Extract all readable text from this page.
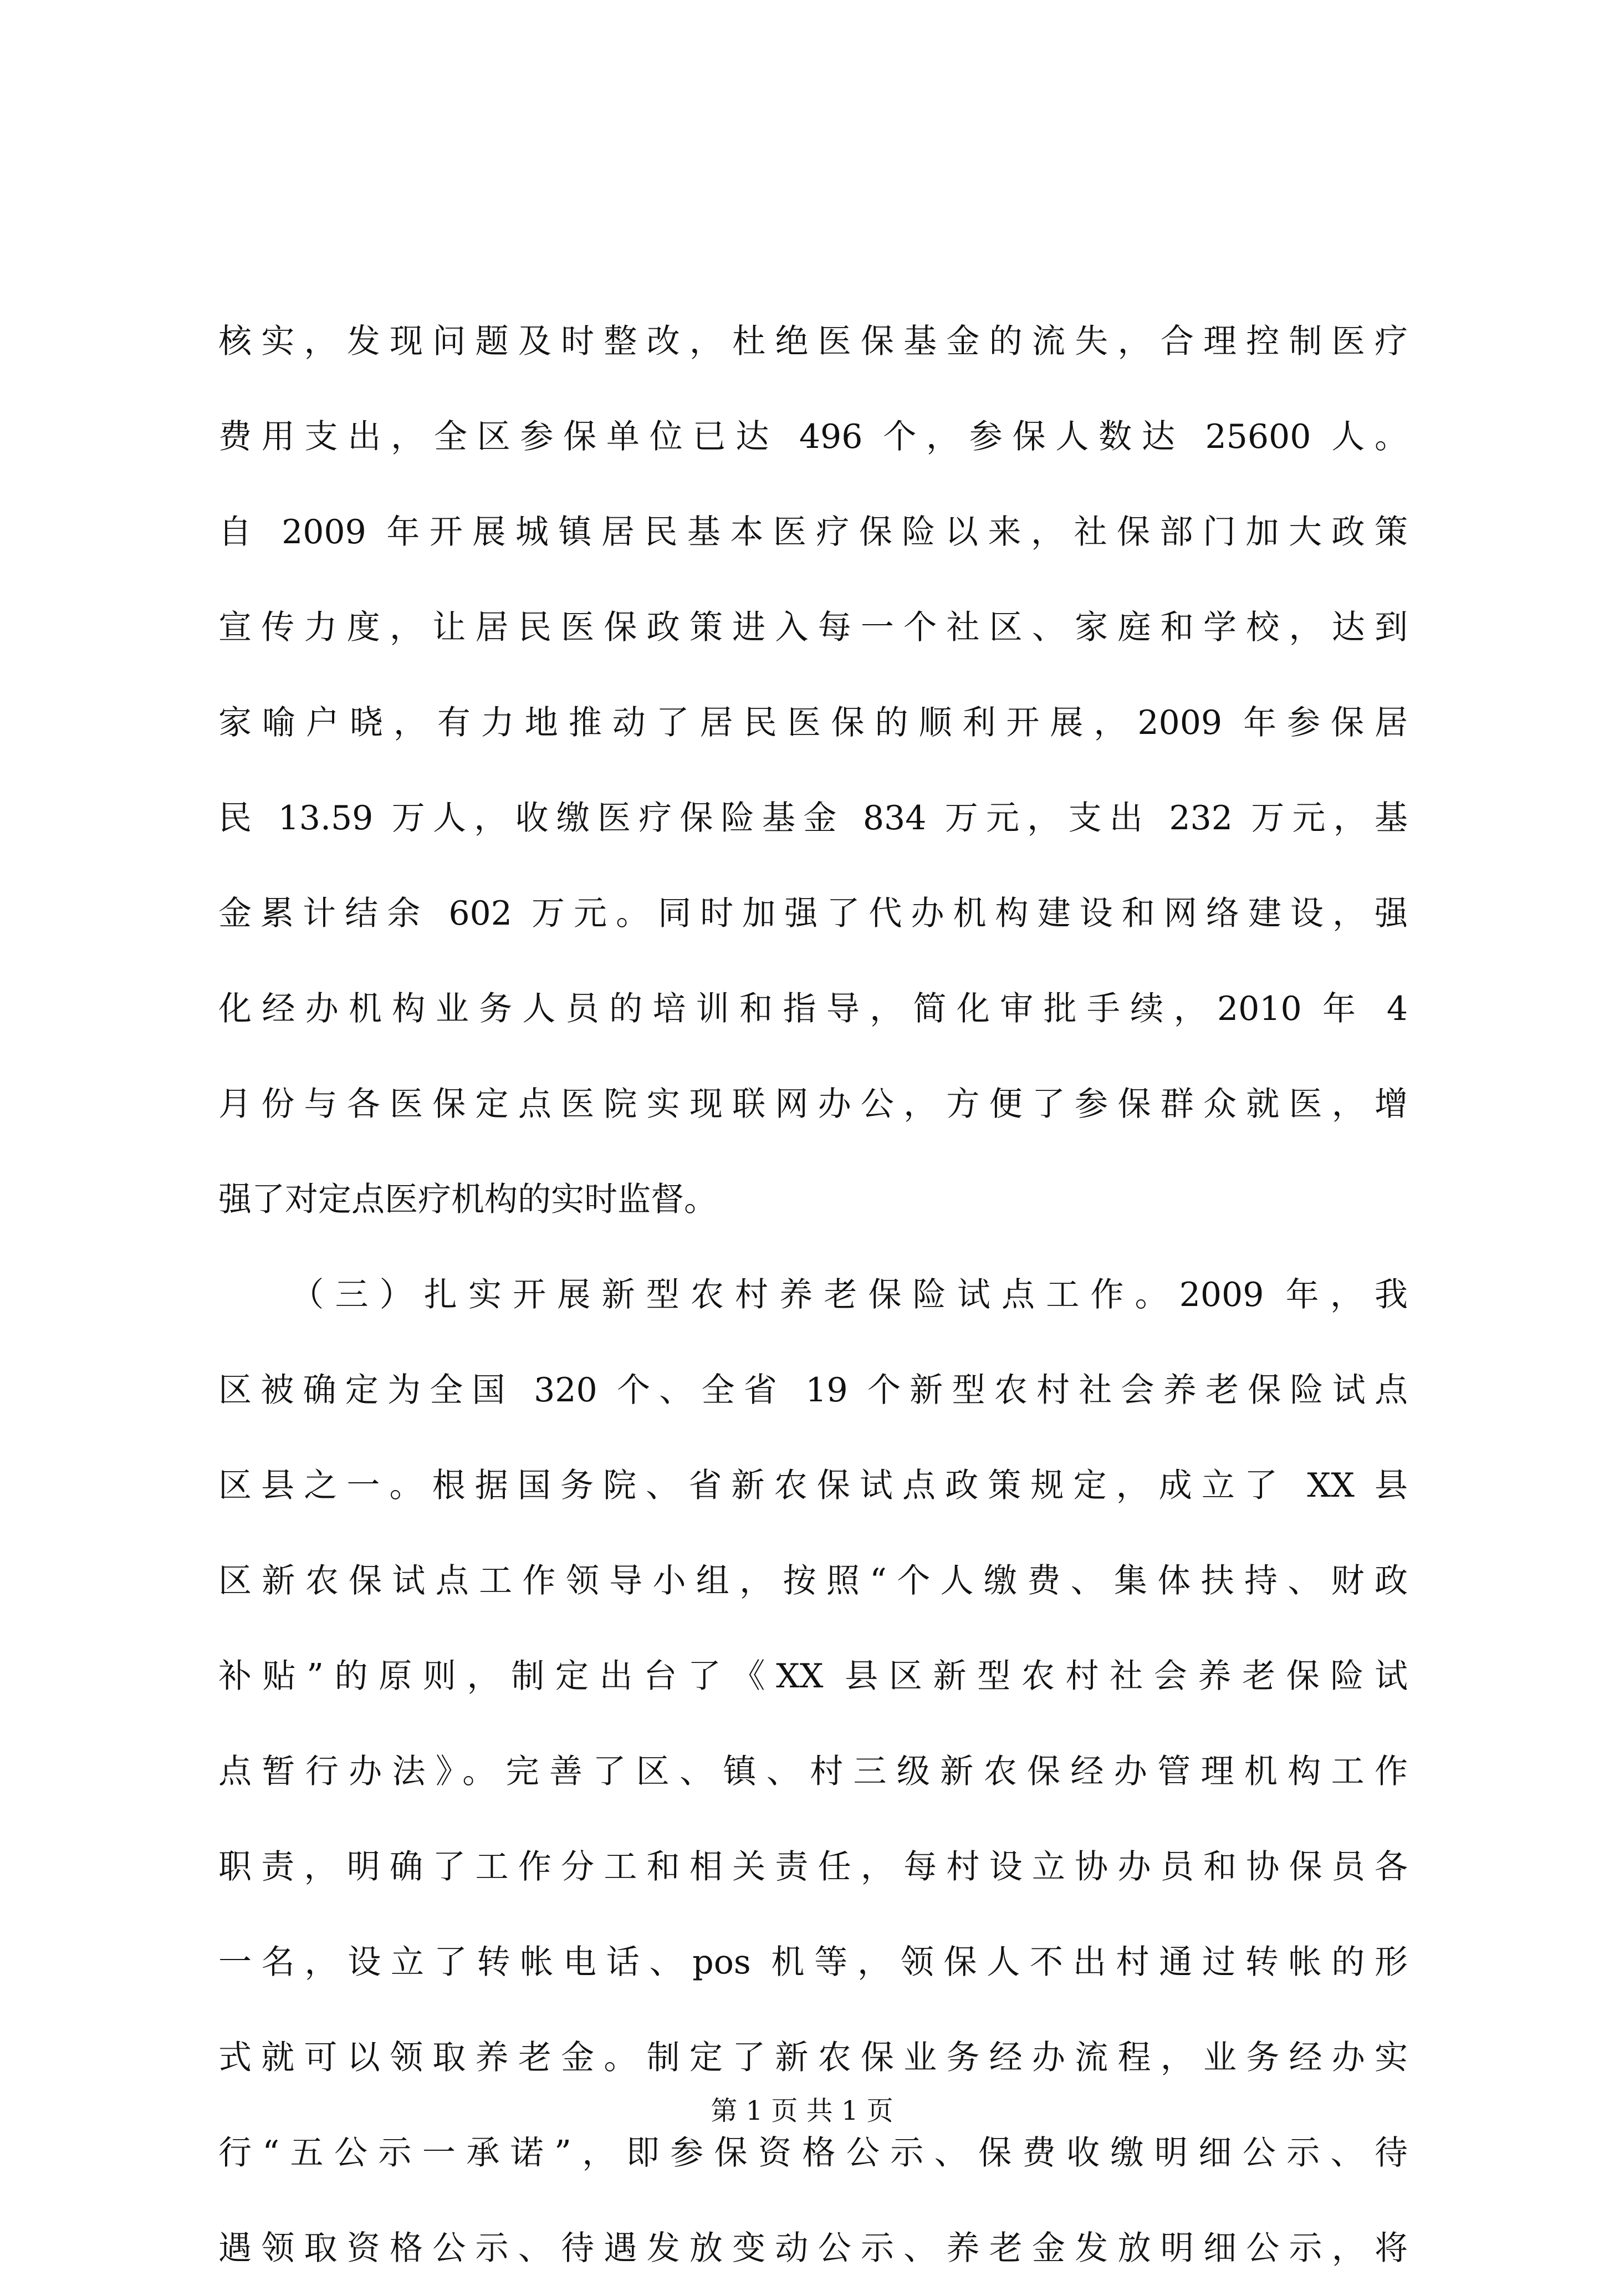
核实，发现问题及时整改，杜绝医保基金的流失，合理控制医疗
费用支出，全区参保单位已达 496 个，参保人数达 25600 人。
自 2009 年开展城镇居民基本医疗保险以来，社保部门加大政策
宣传力度，让居民医保政策进入每一个社区、家庭和学校，达到
家喻户晓，有力地推动了居民医保的顺利开展，2009 年参保居
民 13.59 万人，收缴医疗保险基金 834 万元，支出 232 万元，基
金累计结余 602 万元。同时加强了代办机构建设和网络建设，强
化经办机构业务人员的培训和指导，简化审批手续，2010 年 4
月份与各医保定点医院实现联网办公，方便了参保群众就医，增
强了对定点医疗机构的实时监督。
　　（三）扎实开展新型农村养老保险试点工作。2009 年，我
区被确定为全国 320 个、全省 19 个新型农村社会养老保险试点
区县之一。根据国务院、省新农保试点政策规定，成立了 XX 县
区新农保试点工作领导小组，按照“个人缴费、集体扶持、财政
补贴”的原则，制定出台了《XX 县区新型农村社会养老保险试
点暂行办法》。完善了区、镇、村三级新农保经办管理机构工作
职责，明确了工作分工和相关责任，每村设立协办员和协保员各
一名，设立了转帐电话、pos 机等，领保人不出村通过转帐的形
式就可以领取养老金。制定了新农保业务经办流程，业务经办实
行“五公示一承诺”，即参保资格公示、保费收缴明细公示、待
遇领取资格公示、待遇发放变动公示、养老金发放明细公示，将
第 1 页 共 1 页
